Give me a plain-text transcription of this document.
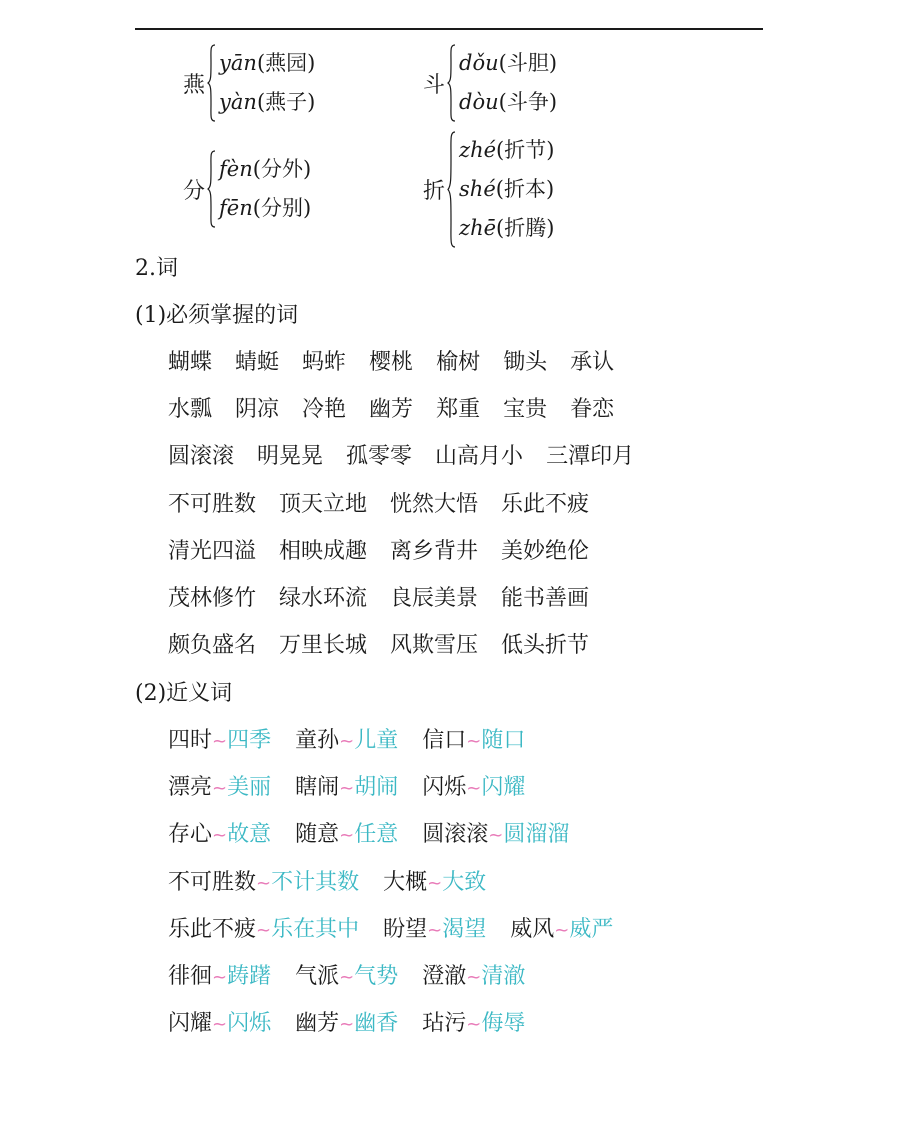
燕
yān(燕园)
yàn(燕子)
斗
dǒu(斗胆)
dòu(斗争)
分
fèn(分外)
fēn(分别)
折
zhé(折节)
shé(折本)
zhē(折腾)
2.词
(1)必须掌握的词
蝴蝶 蜻蜓 蚂蚱 樱桃 榆树 锄头 承认
水瓢 阴凉 冷艳 幽芳 郑重 宝贵 眷恋
圆滚滚 明晃晃 孤零零 山高月小 三潭印月
不可胜数 顶天立地 恍然大悟 乐此不疲
清光四溢 相映成趣 离乡背井 美妙绝伦
茂林修竹 绿水环流 良辰美景 能书善画
颇负盛名 万里长城 风欺雪压 低头折节
(2)近义词
四时~四季 童孙~儿童 信口~随口
漂亮~美丽 瞎闹~胡闹 闪烁~闪耀
存心~故意 随意~任意 圆滚滚~圆溜溜
不可胜数~不计其数 大概~大致
乐此不疲~乐在其中 盼望~渴望 威风~威严
徘徊~踌躇 气派~气势 澄澈~清澈
闪耀~闪烁 幽芳~幽香 玷污~侮辱
